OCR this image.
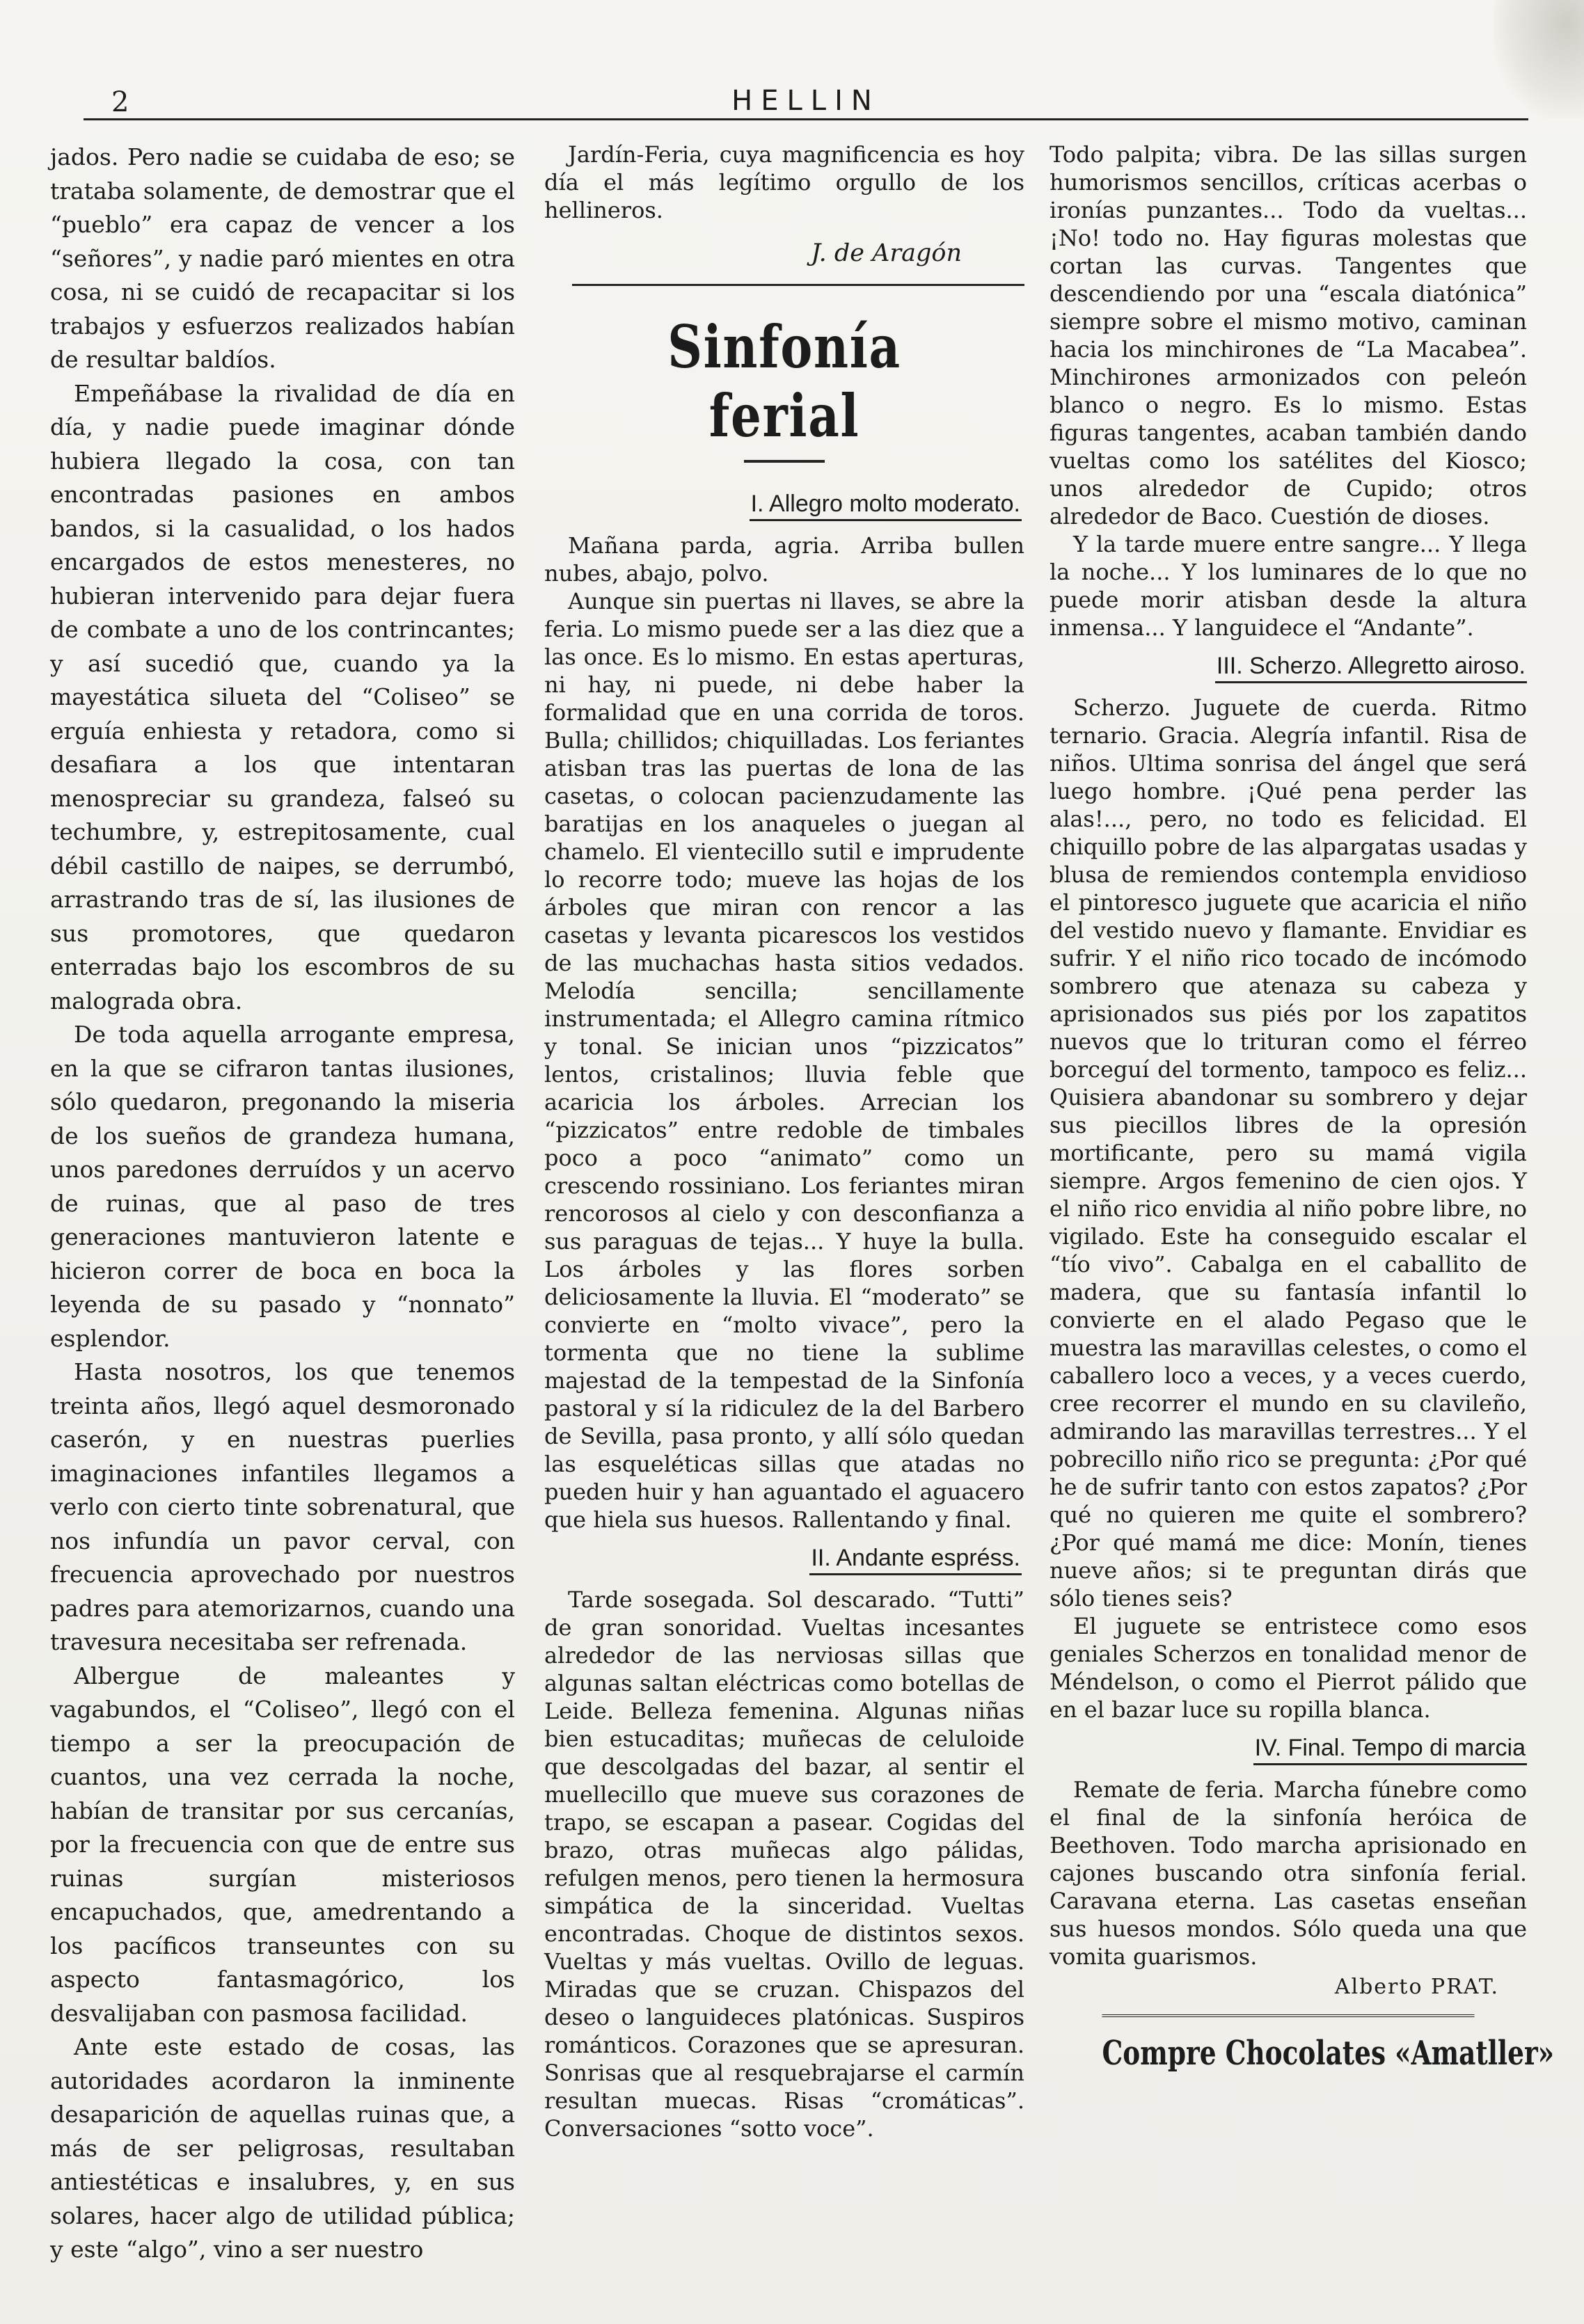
2	HELLIN

jados. Pero nadie se cuidaba de eso; se trataba solamente, de demostrar que el “pueblo” era capaz de vencer a los “señores”, y nadie paró mientes en otra cosa, ni se cuidó de recapacitar si los trabajos y esfuerzos realizados habían de resultar baldíos.

Empeñábase la rivalidad de día en día, y nadie puede imaginar dónde hubiera llegado la cosa, con tan encontradas pasiones en ambos bandos, si la casualidad, o los hados encargados de estos menesteres, no hubieran intervenido para dejar fuera de combate a uno de los contrincantes; y así sucedió que, cuando ya la mayestática silueta del “Coliseo” se erguía enhiesta y retadora, como si desafiara a los que intentaran menospreciar su grandeza, falseó su techumbre, y, estrepitosamente, cual débil castillo de naipes, se derrumbó, arrastrando tras de sí, las ilusiones de sus promotores, que quedaron enterradas bajo los escombros de su malograda obra.

De toda aquella arrogante empresa, en la que se cifraron tantas ilusiones, sólo quedaron, pregonando la miseria de los sueños de grandeza humana, unos paredones derruídos y un acervo de ruinas, que al paso de tres generaciones mantuvieron latente e hicieron correr de boca en boca la leyenda de su pasado y “nonnato” esplendor.

Hasta nosotros, los que tenemos treinta años, llegó aquel desmoronado caserón, y en nuestras puerlies imaginaciones infantiles llegamos a verlo con cierto tinte sobrenatural, que nos infundía un pavor cerval, con frecuencia aprovechado por nuestros padres para atemorizarnos, cuando una travesura necesitaba ser refrenada.

Albergue de maleantes y vagabundos, el “Coliseo”, llegó con el tiempo a ser la preocupación de cuantos, una vez cerrada la noche, habían de transitar por sus cercanías, por la frecuencia con que de entre sus ruinas surgían misteriosos encapuchados, que, amedrentando a los pacíficos transeuntes con su aspecto fantasmagórico, los desvalijaban con pasmosa facilidad.

Ante este estado de cosas, las autoridades acordaron la inminente desaparición de aquellas ruinas que, a más de ser peligrosas, resultaban antiestéticas e insalubres, y, en sus solares, hacer algo de utilidad pública; y este “algo”, vino a ser nuestro

Jardín-Feria, cuya magnificencia es hoy día el más legítimo orgullo de los hellineros.

J. de Aragón
Sinfonía ferial
I. Allegro molto moderato.

Mañana parda, agria. Arriba bullen nubes, abajo, polvo.

Aunque sin puertas ni llaves, se abre la feria. Lo mismo puede ser a las diez que a las once. Es lo mismo. En estas aperturas, ni hay, ni puede, ni debe haber la formalidad que en una corrida de toros. Bulla; chillidos; chiquilladas. Los feriantes atisban tras las puertas de lona de las casetas, o colocan pacienzudamente las baratijas en los anaqueles o juegan al chamelo. El vientecillo sutil e imprudente lo recorre todo; mueve las hojas de los árboles que miran con rencor a las casetas y levanta picarescos los vestidos de las muchachas hasta sitios vedados. Melodía sencilla; sencillamente instrumentada; el Allegro camina rítmico y tonal. Se inician unos “pizzicatos” lentos, cristalinos; lluvia feble que acaricia los árboles. Arrecian los “pizzicatos” entre redoble de timbales poco a poco “animato” como un crescendo rossiniano. Los feriantes miran rencorosos al cielo y con desconfianza a sus paraguas de tejas... Y huye la bulla. Los árboles y las flores sorben deliciosamente la lluvia. El “moderato” se convierte en “molto vivace”, pero la tormenta que no tiene la sublime majestad de la tempestad de la Sinfonía pastoral y sí la ridiculez de la del Barbero de Sevilla, pasa pronto, y allí sólo quedan las esqueléticas sillas que atadas no pueden huir y han aguantado el aguacero que hiela sus huesos. Rallentando y final.

II. Andante espréss.

Tarde sosegada. Sol descarado. “Tutti” de gran sonoridad. Vueltas incesantes alrededor de las nerviosas sillas que algunas saltan eléctricas como botellas de Leide. Belleza femenina. Algunas niñas bien estucaditas; muñecas de celuloide que descolgadas del bazar, al sentir el muellecillo que mueve sus corazones de trapo, se escapan a pasear. Cogidas del brazo, otras muñecas algo pálidas, refulgen menos, pero tienen la hermosura simpática de la sinceridad. Vueltas encontradas. Choque de distintos sexos. Vueltas y más vueltas. Ovillo de leguas. Miradas que se cruzan. Chispazos del deseo o languideces platónicas. Suspiros románticos. Corazones que se apresuran. Sonrisas que al resquebrajarse el carmín resultan muecas. Risas “cromáticas”. Conversaciones “sotto voce”.

Todo palpita; vibra. De las sillas surgen humorismos sencillos, críticas acerbas o ironías punzantes... Todo da vueltas... ¡No! todo no. Hay figuras molestas que cortan las curvas. Tangentes que descendiendo por una “escala diatónica” siempre sobre el mismo motivo, caminan hacia los minchirones de “La Macabea”. Minchirones armonizados con peleón blanco o negro. Es lo mismo. Estas figuras tangentes, acaban también dando vueltas como los satélites del Kiosco; unos alrededor de Cupido; otros alrededor de Baco. Cuestión de dioses.

Y la tarde muere entre sangre... Y llega la noche... Y los luminares de lo que no puede morir atisban desde la altura inmensa... Y languidece el “Andante”.

III. Scherzo. Allegretto airoso.

Scherzo. Juguete de cuerda. Ritmo ternario. Gracia. Alegría infantil. Risa de niños. Ultima sonrisa del ángel que será luego hombre. ¡Qué pena perder las alas!..., pero, no todo es felicidad. El chiquillo pobre de las alpargatas usadas y blusa de remiendos contempla envidioso el pintoresco juguete que acaricia el niño del vestido nuevo y flamante. Envidiar es sufrir. Y el niño rico tocado de incómodo sombrero que atenaza su cabeza y aprisionados sus piés por los zapatitos nuevos que lo trituran como el férreo borceguí del tormento, tampoco es feliz... Quisiera abandonar su sombrero y dejar sus piecillos libres de la opresión mortificante, pero su mamá vigila siempre. Argos femenino de cien ojos. Y el niño rico envidia al niño pobre libre, no vigilado. Este ha conseguido escalar el “tío vivo”. Cabalga en el caballito de madera, que su fantasía infantil lo convierte en el alado Pegaso que le muestra las maravillas celestes, o como el caballero loco a veces, y a veces cuerdo, cree recorrer el mundo en su clavileño, admirando las maravillas terrestres... Y el pobrecillo niño rico se pregunta: ¿Por qué he de sufrir tanto con estos zapatos? ¿Por qué no quieren me quite el sombrero? ¿Por qué mamá me dice: Monín, tienes nueve años; si te preguntan dirás que sólo tienes seis?

El juguete se entristece como esos geniales Scherzos en tonalidad menor de Méndelson, o como el Pierrot pálido que en el bazar luce su ropilla blanca.

IV. Final. Tempo di marcia

Remate de feria. Marcha fúnebre como el final de la sinfonía heróica de Beethoven. Todo marcha aprisionado en cajones buscando otra sinfonía ferial. Caravana eterna. Las casetas enseñan sus huesos mondos. Sólo queda una que vomita guarismos.

Alberto PRAT.
Compre Chocolates «Amatller»
